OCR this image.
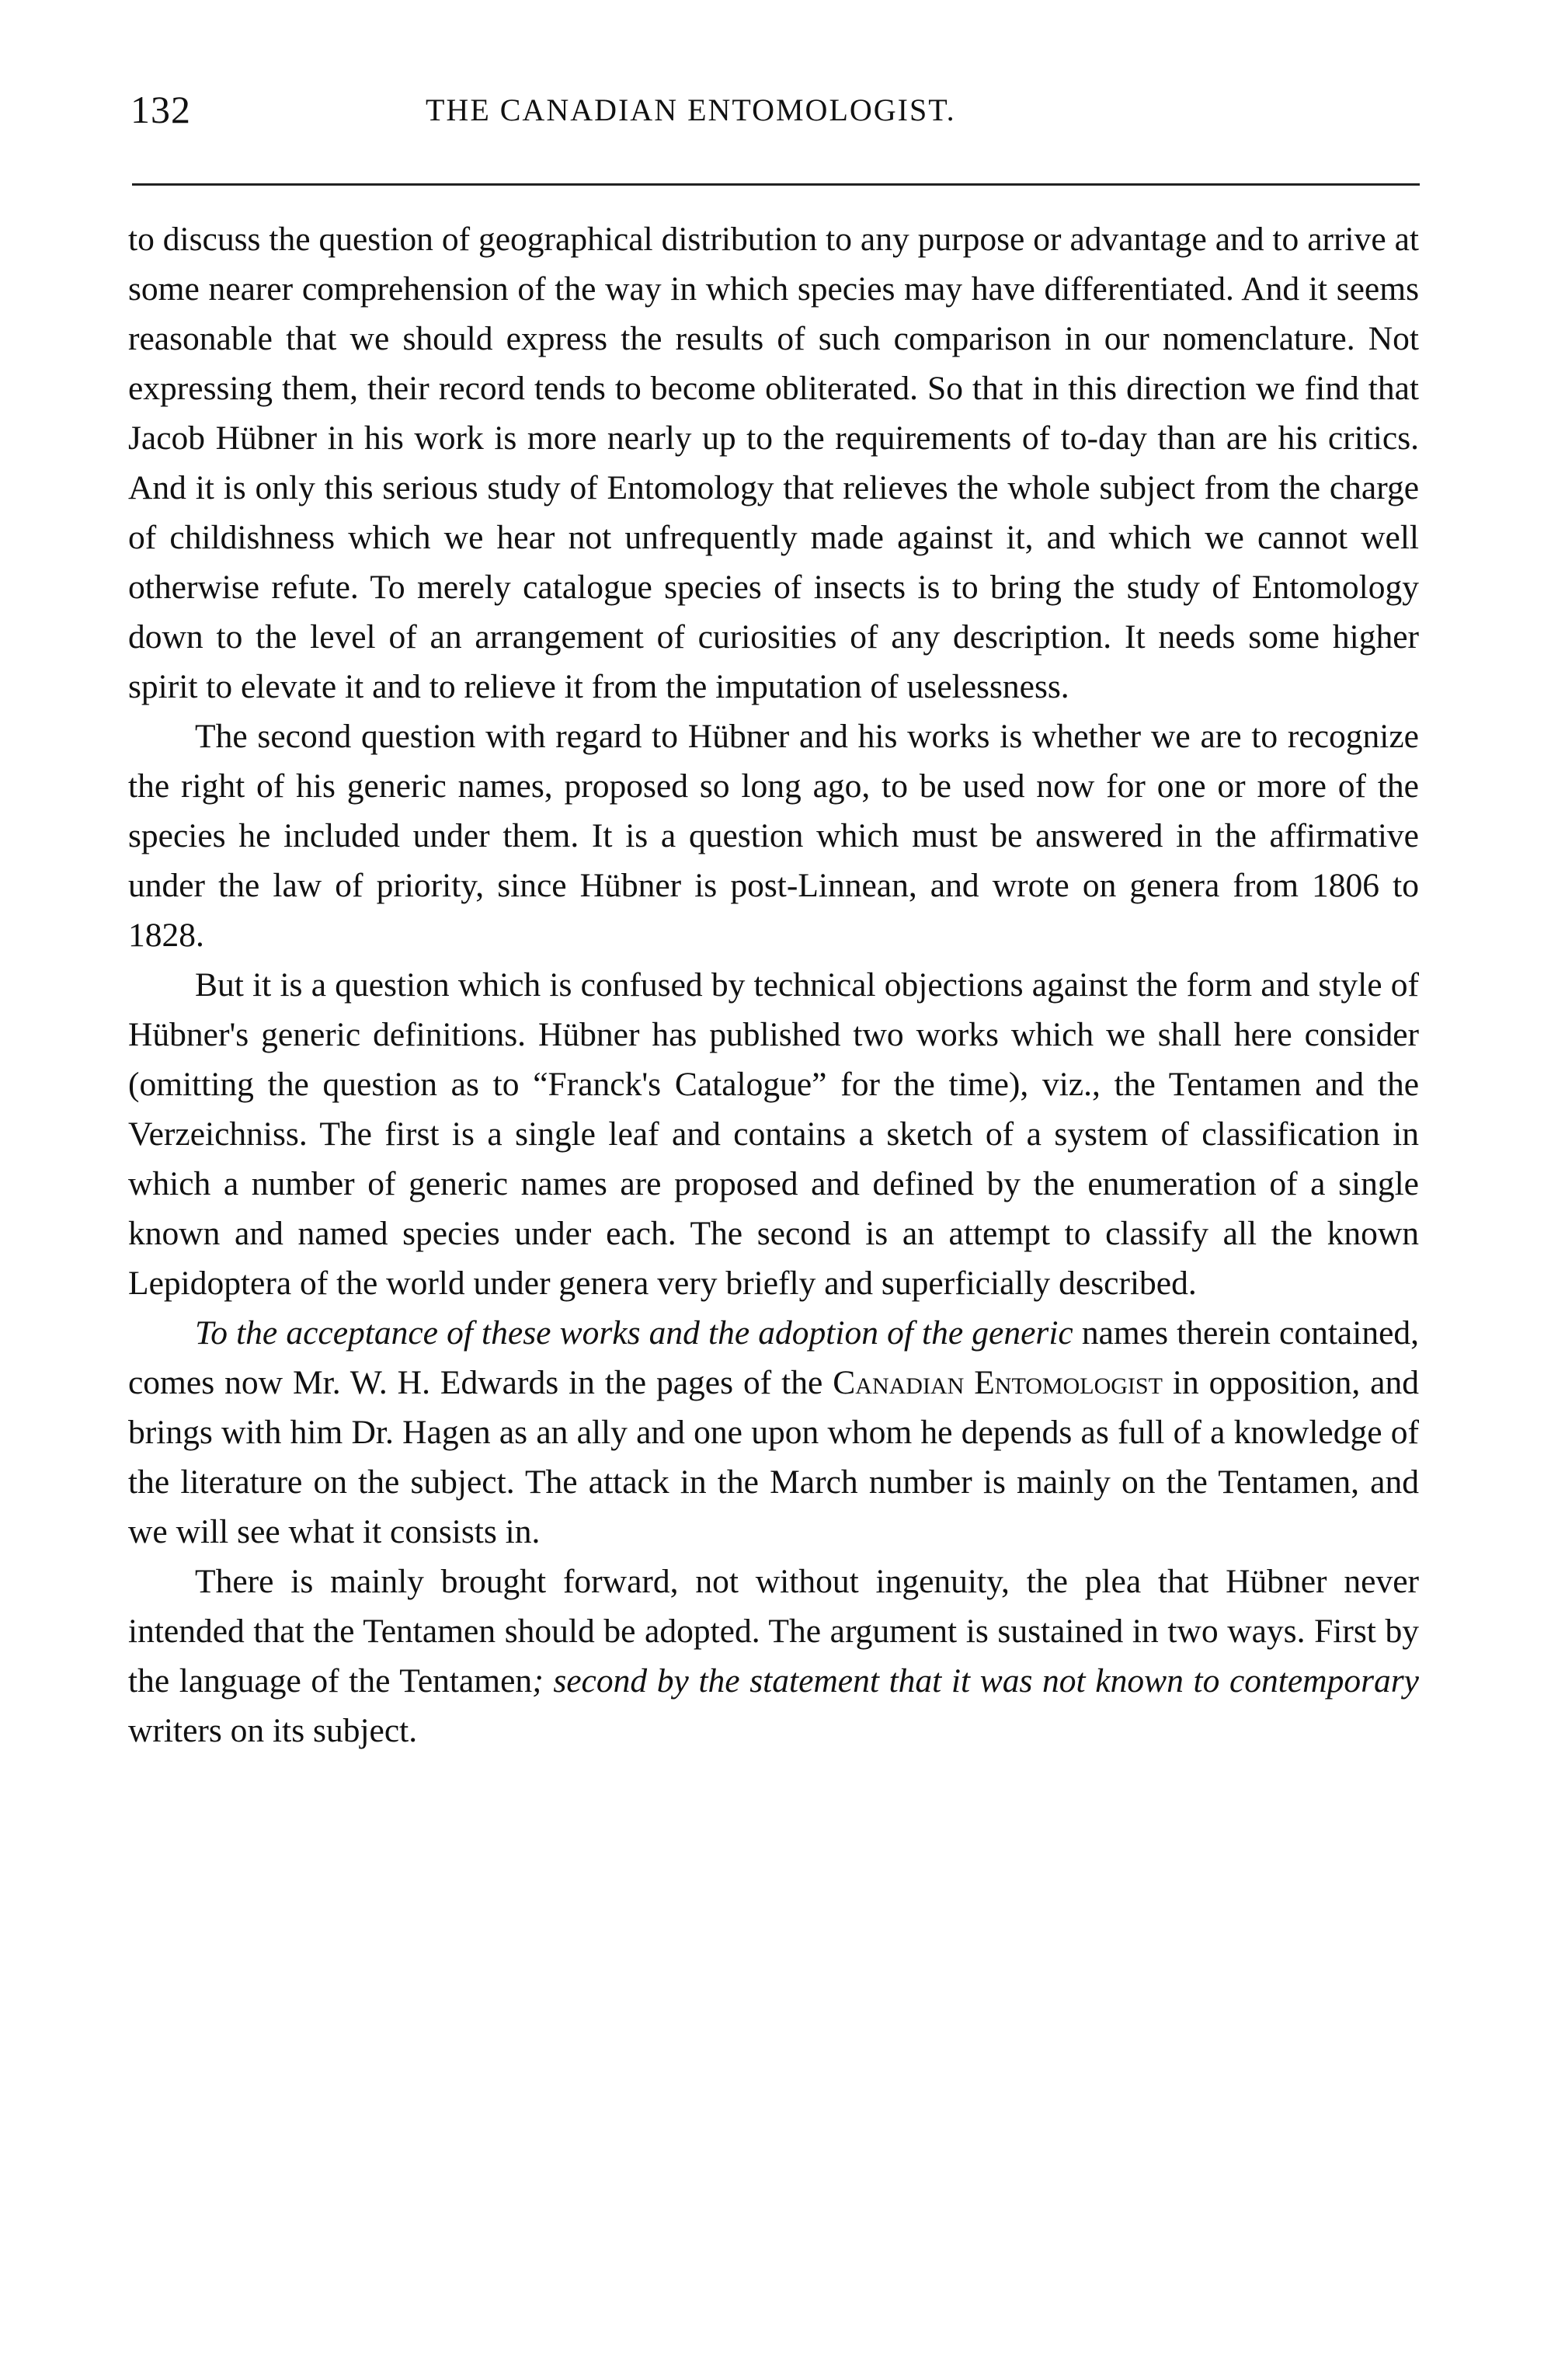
132	THE CANADIAN ENTOMOLOGIST.

to discuss the question of geographical distribution to any purpose or advantage and to arrive at some nearer comprehension of the way in which species may have differentiated. And it seems reasonable that we should express the results of such comparison in our nomenclature. Not expressing them, their record tends to become obliterated. So that in this direction we find that Jacob Hübner in his work is more nearly up to the requirements of to-day than are his critics. And it is only this serious study of Entomology that relieves the whole subject from the charge of childishness which we hear not unfrequently made against it, and which we cannot well otherwise refute. To merely catalogue species of insects is to bring the study of Entomology down to the level of an arrangement of curiosities of any description. It needs some higher spirit to elevate it and to relieve it from the imputation of uselessness.

The second question with regard to Hübner and his works is whether we are to recognize the right of his generic names, proposed so long ago, to be used now for one or more of the species he included under them. It is a question which must be answered in the affirmative under the law of priority, since Hübner is post-Linnean, and wrote on genera from 1806 to 1828.

But it is a question which is confused by technical objections against the form and style of Hübner's generic definitions. Hübner has published two works which we shall here consider (omitting the question as to “Franck's Catalogue” for the time), viz., the Tentamen and the Verzeichniss. The first is a single leaf and contains a sketch of a system of classification in which a number of generic names are proposed and defined by the enumeration of a single known and named species under each. The second is an attempt to classify all the known Lepidoptera of the world under genera very briefly and superficially described.

To the acceptance of these works and the adoption of the generic names therein contained, comes now Mr. W. H. Edwards in the pages of the Canadian Entomologist in opposition, and brings with him Dr. Hagen as an ally and one upon whom he depends as full of a knowledge of the literature on the subject. The attack in the March number is mainly on the Tentamen, and we will see what it consists in.

There is mainly brought forward, not without ingenuity, the plea that Hübner never intended that the Tentamen should be adopted. The argument is sustained in two ways. First by the language of the Tentamen; second by the statement that it was not known to contemporary writers on its subject.
